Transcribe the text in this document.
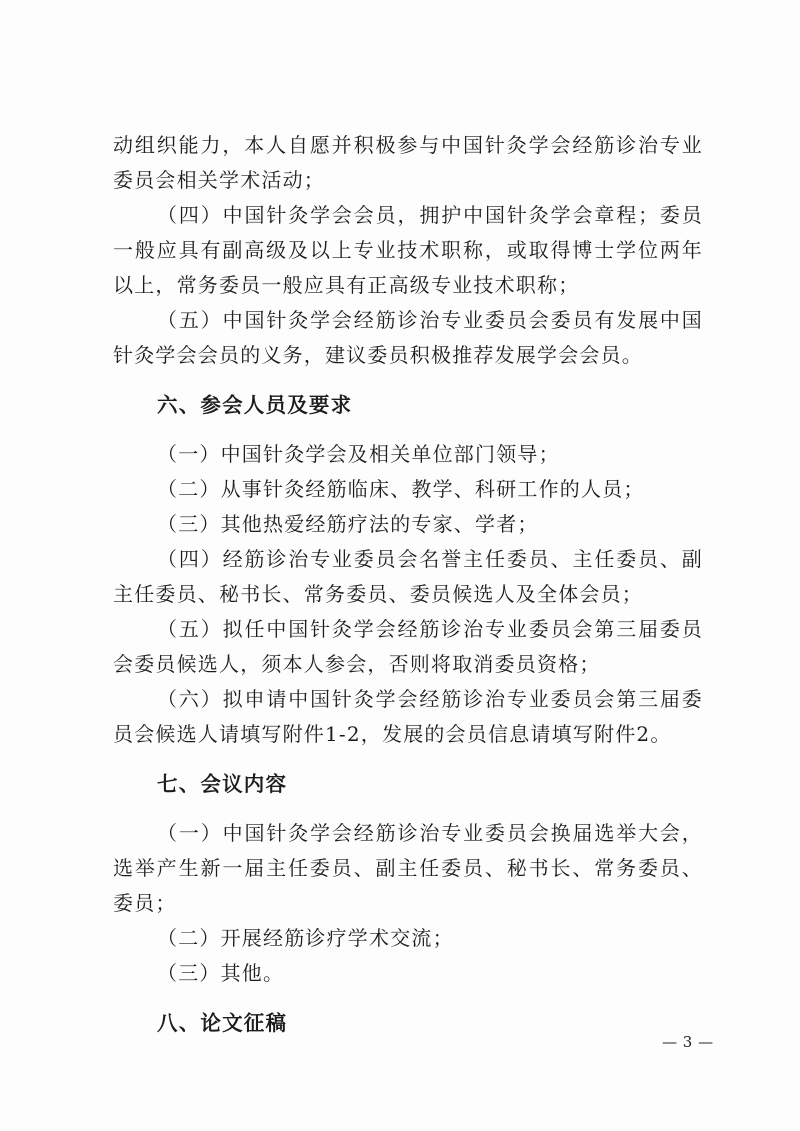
动组织能力，本人自愿并积极参与中国针灸学会经筋诊治专业委员会相关学术活动；

（四）中国针灸学会会员，拥护中国针灸学会章程；委员一般应具有副高级及以上专业技术职称，或取得博士学位两年以上，常务委员一般应具有正高级专业技术职称；

（五）中国针灸学会经筋诊治专业委员会委员有发展中国针灸学会会员的义务，建议委员积极推荐发展学会会员。

六、参会人员及要求

（一）中国针灸学会及相关单位部门领导；

（二）从事针灸经筋临床、教学、科研工作的人员；

（三）其他热爱经筋疗法的专家、学者；

（四）经筋诊治专业委员会名誉主任委员、主任委员、副主任委员、秘书长、常务委员、委员候选人及全体会员；

（五）拟任中国针灸学会经筋诊治专业委员会第三届委员会委员候选人，须本人参会，否则将取消委员资格；

（六）拟申请中国针灸学会经筋诊治专业委员会第三届委员会候选人请填写附件1-2，发展的会员信息请填写附件2。

七、会议内容

（一）中国针灸学会经筋诊治专业委员会换届选举大会，选举产生新一届主任委员、副主任委员、秘书长、常务委员、委员；

（二）开展经筋诊疗学术交流；

（三）其他。

八、论文征稿
— 3 —
